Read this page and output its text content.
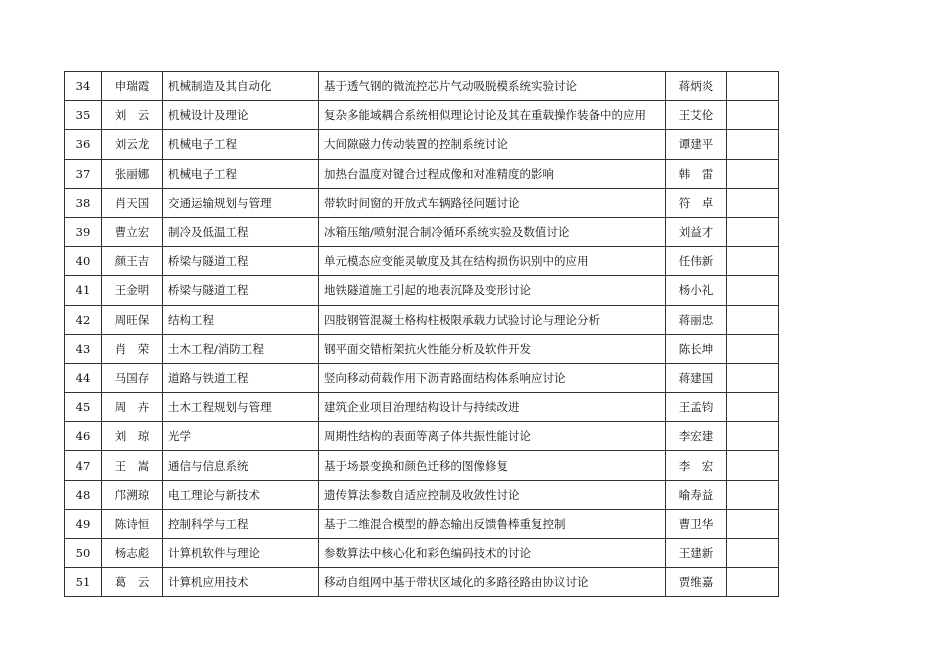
34	申瑞霞	机械制造及其自动化	基于透气钢的微流控芯片气动吸脱模系统实验讨论	蒋炳炎	
35	刘　云	机械设计及理论	复杂多能域耦合系统相似理论讨论及其在重载操作装备中的应用	王艾伦	
36	刘云龙	机械电子工程	大间隙磁力传动装置的控制系统讨论	谭建平	
37	张丽娜	机械电子工程	加热台温度对键合过程成像和对准精度的影响	韩　雷	
38	肖天国	交通运输规划与管理	带软时间窗的开放式车辆路径问题讨论	符　卓	
39	曹立宏	制冷及低温工程	冰箱压缩/喷射混合制冷循环系统实验及数值讨论	刘益才	
40	颜王吉	桥梁与隧道工程	单元模态应变能灵敏度及其在结构损伤识别中的应用	任伟新	
41	王金明	桥梁与隧道工程	地铁隧道施工引起的地表沉降及变形讨论	杨小礼	
42	周旺保	结构工程	四肢钢管混凝土格构柱极限承载力试验讨论与理论分析	蒋丽忠	
43	肖　荣	土木工程/消防工程	钢平面交错桁架抗火性能分析及软件开发	陈长坤	
44	马国存	道路与铁道工程	竖向移动荷载作用下沥青路面结构体系响应讨论	蒋建国	
45	周　卉	土木工程规划与管理	建筑企业项目治理结构设计与持续改进	王孟钧	
46	刘　琼	光学	周期性结构的表面等离子体共振性能讨论	李宏建	
47	王　嵩	通信与信息系统	基于场景变换和颜色迁移的图像修复	李　宏	
48	邝溯琼	电工理论与新技术	遗传算法参数自适应控制及收敛性讨论	喻寿益	
49	陈诗恒	控制科学与工程	基于二维混合模型的静态输出反馈鲁棒重复控制	曹卫华	
50	杨志彪	计算机软件与理论	参数算法中核心化和彩色编码技术的讨论	王建新	
51	葛　云	计算机应用技术	移动自组网中基于带状区域化的多路径路由协议讨论	贾维嘉	
